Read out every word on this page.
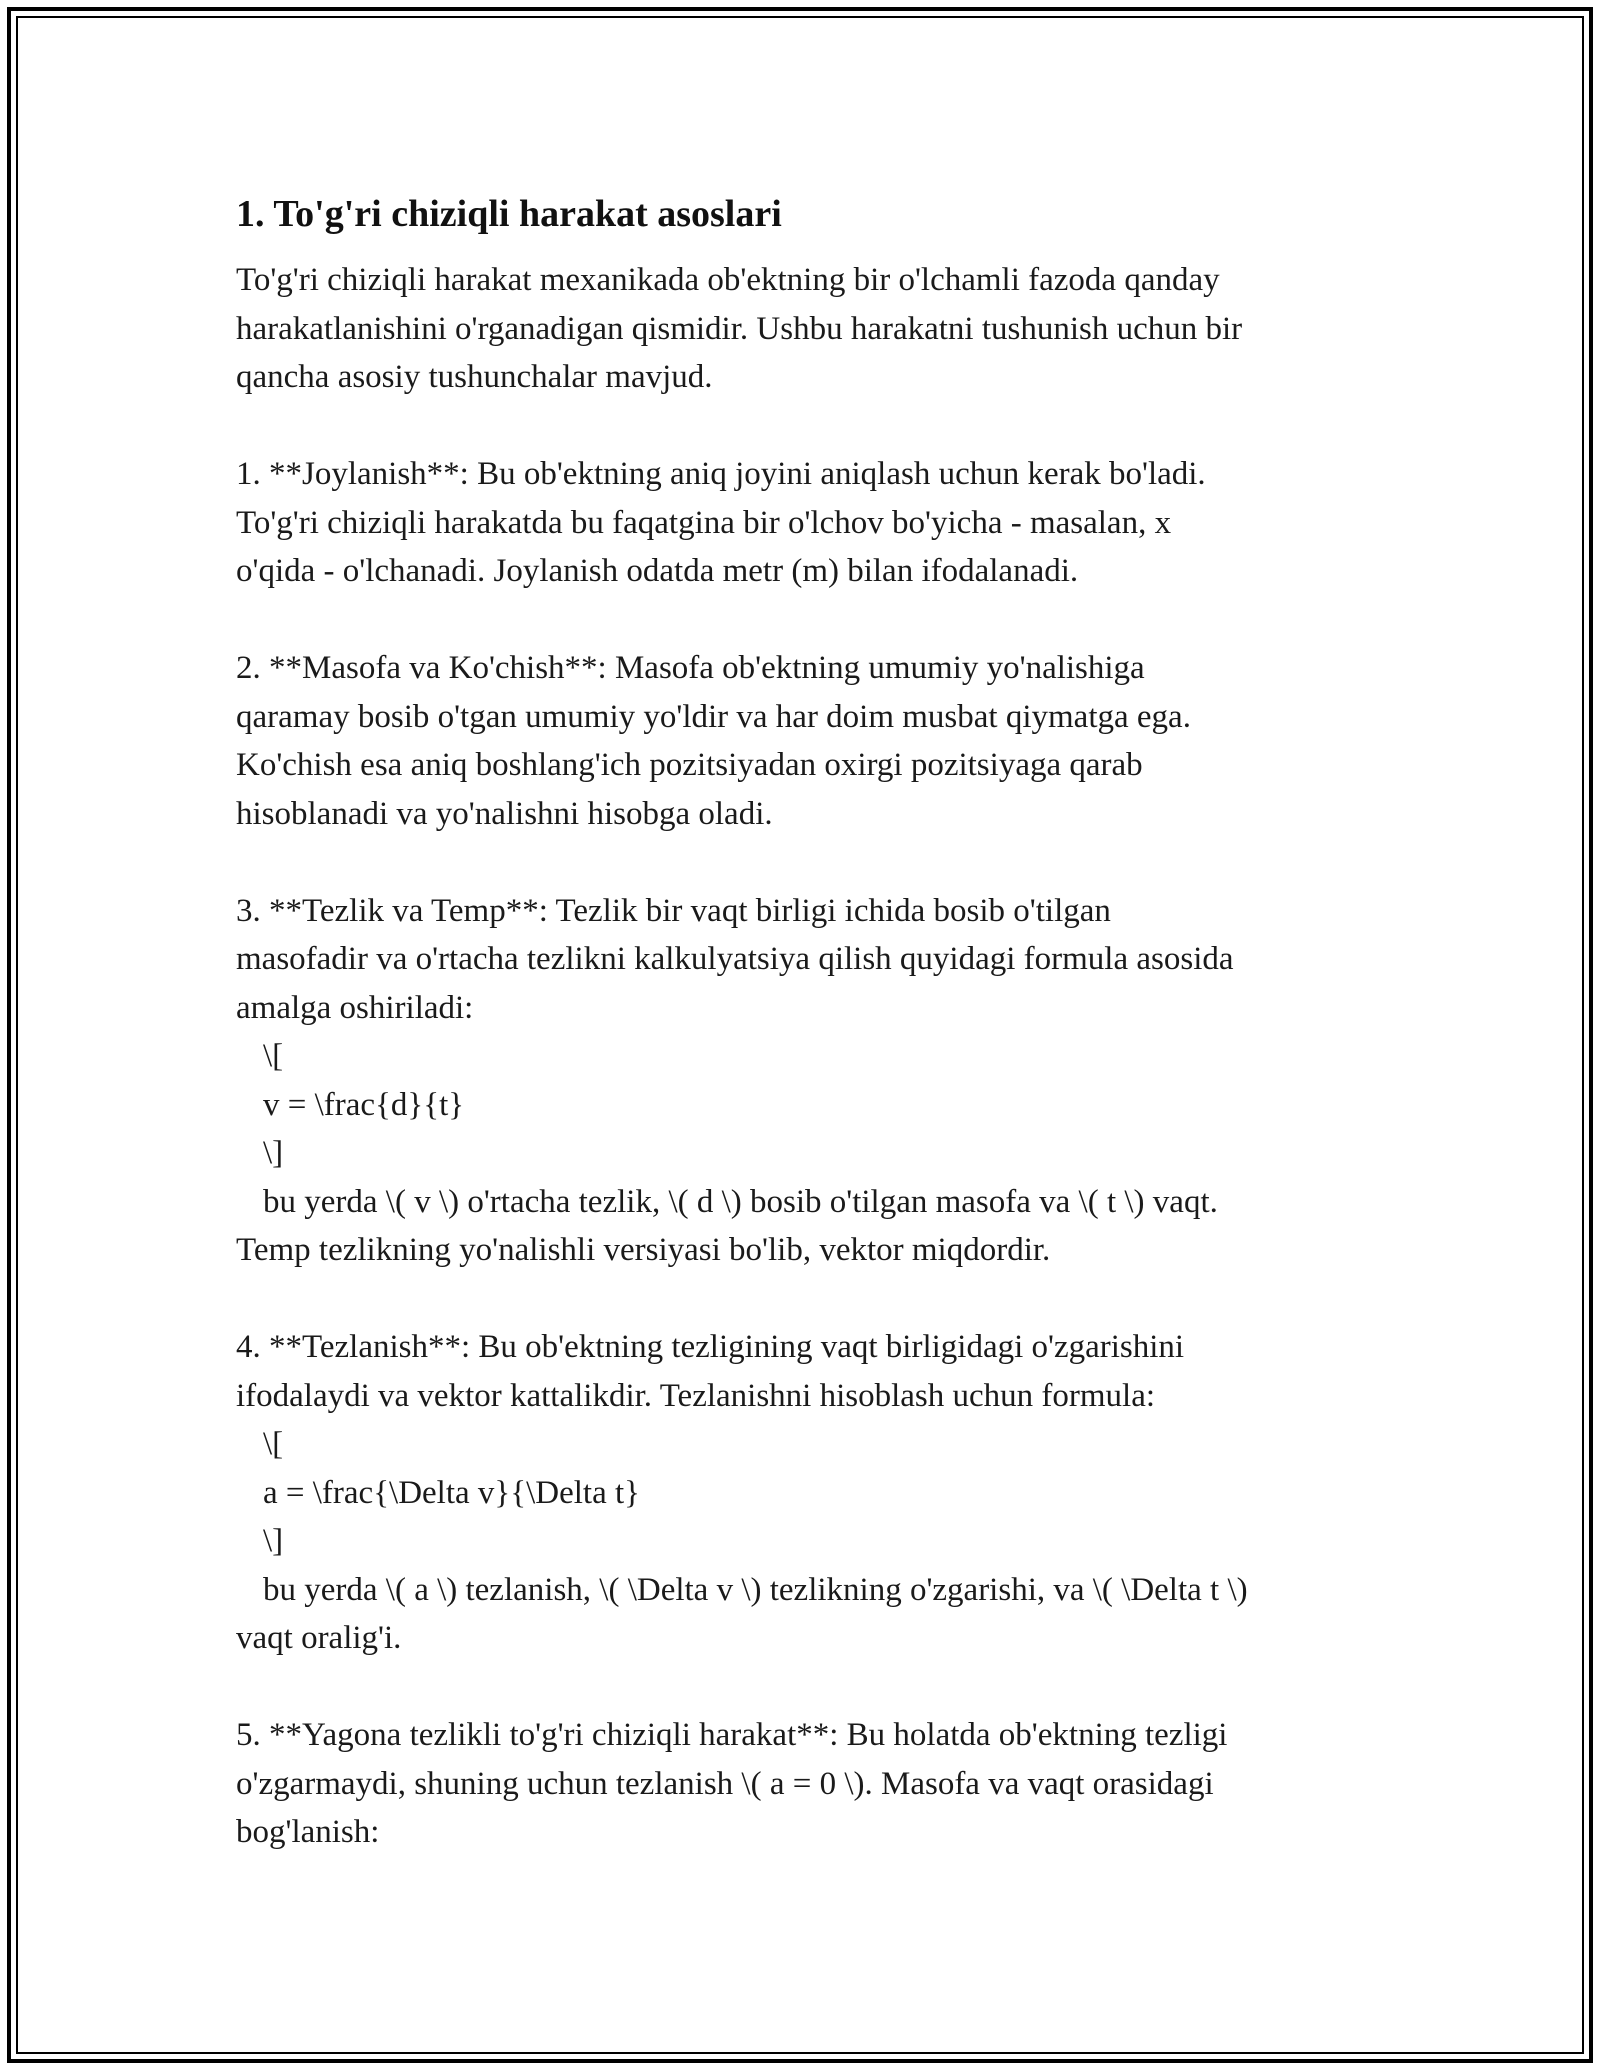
1. To'g'ri chiziqli harakat asoslari
To'g'ri chiziqli harakat mexanikada ob'ektning bir o'lchamli fazoda qanday
harakatlanishini o'rganadigan qismidir. Ushbu harakatni tushunish uchun bir
qancha asosiy tushunchalar mavjud.
1. **Joylanish**: Bu ob'ektning aniq joyini aniqlash uchun kerak bo'ladi.
To'g'ri chiziqli harakatda bu faqatgina bir o'lchov bo'yicha - masalan, x
o'qida - o'lchanadi. Joylanish odatda metr (m) bilan ifodalanadi.
2. **Masofa va Ko'chish**: Masofa ob'ektning umumiy yo'nalishiga
qaramay bosib o'tgan umumiy yo'ldir va har doim musbat qiymatga ega.
Ko'chish esa aniq boshlang'ich pozitsiyadan oxirgi pozitsiyaga qarab
hisoblanadi va yo'nalishni hisobga oladi.
3. **Tezlik va Temp**: Tezlik bir vaqt birligi ichida bosib o'tilgan
masofadir va o'rtacha tezlikni kalkulyatsiya qilish quyidagi formula asosida
amalga oshiriladi:
\[
v = \frac{d}{t}
\]
bu yerda \( v \) o'rtacha tezlik, \( d \) bosib o'tilgan masofa va \( t \) vaqt.
Temp tezlikning yo'nalishli versiyasi bo'lib, vektor miqdordir.
4. **Tezlanish**: Bu ob'ektning tezligining vaqt birligidagi o'zgarishini
ifodalaydi va vektor kattalikdir. Tezlanishni hisoblash uchun formula:
\[
a = \frac{\Delta v}{\Delta t}
\]
bu yerda \( a \) tezlanish, \( \Delta v \) tezlikning o'zgarishi, va \( \Delta t \)
vaqt oralig'i.
5. **Yagona tezlikli to'g'ri chiziqli harakat**: Bu holatda ob'ektning tezligi
o'zgarmaydi, shuning uchun tezlanish \( a = 0 \). Masofa va vaqt orasidagi
bog'lanish:
